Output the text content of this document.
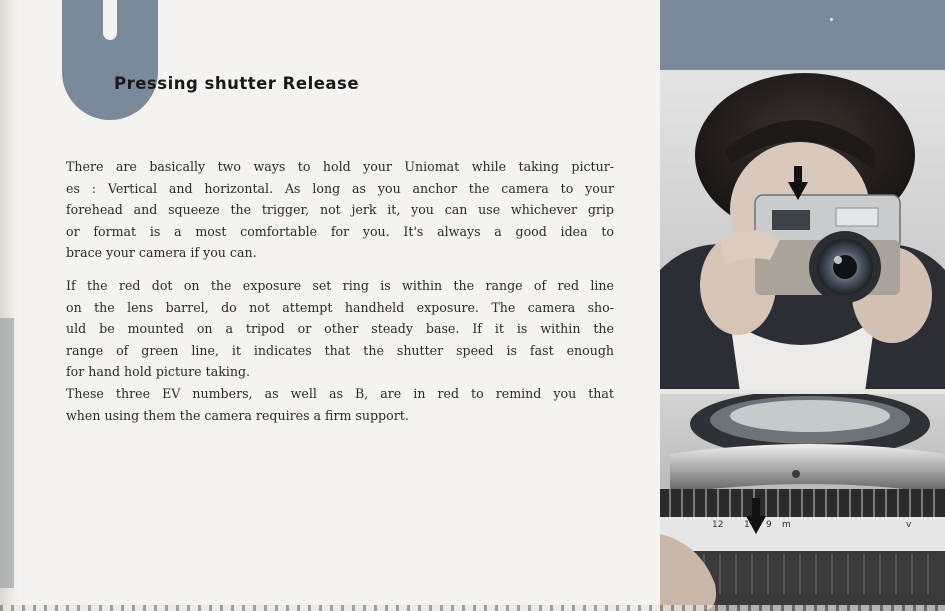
Pressing shutter Release

There are basically two ways to hold your Uniomat while taking pictur-

es : Vertical and horizontal. As long as you anchor the camera to your

forehead and squeeze the trigger, not jerk it, you can use whichever grip

or format is a most comfortable for you. It's always a good idea to

brace your camera if you can.

If the red dot on the exposure set ring is within the range of red line

on the lens barrel, do not attempt handheld exposure. The camera sho-

uld be mounted on a tripod or other steady base. If it is within the

range of green line, it indicates that the shutter speed is fast enough

for hand hold picture taking.

These three EV numbers, as well as B, are in red to remind you that

when using them the camera requires a firm support.

12 1 9 m	v
